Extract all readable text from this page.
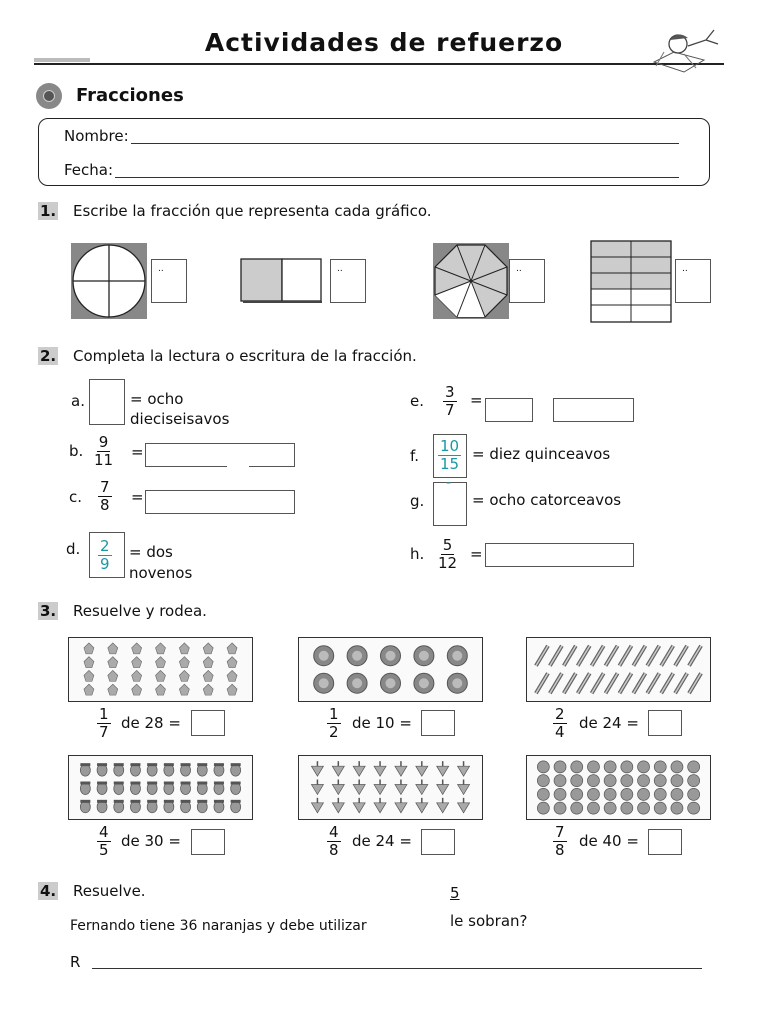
Actividades de refuerzo
Fracciones
Nombre:
Fecha:
1. Escribe la fracción que representa cada gráfico.
..	..	..	..
2. Completa la lectura o escritura de la fracción.
a.	= ocho
dieciseisavos
b. $\frac{9}{11}$ =
c. $\frac{7}{8}$ =
d. $\frac{2}{9}$ = dos
novenos
e. $\frac{3}{7}$ =
f. $\frac{10}{15}$ = diez quinceavos
g.
-
= ocho catorceavos
h. $\frac{5}{12}$ =
3. Resuelve y rodea.
$\frac{1}{7}$ de 28 =	$\frac{1}{2}$ de 10 =	$\frac{2}{4}$ de 24 =
$\frac{4}{5}$ de 30 =	$\frac{4}{8}$ de 24 =	$\frac{7}{8}$ de 40 =
4. Resuelve.
Fernando tiene 36 naranjas y debe utilizar
5
le sobran?
R
